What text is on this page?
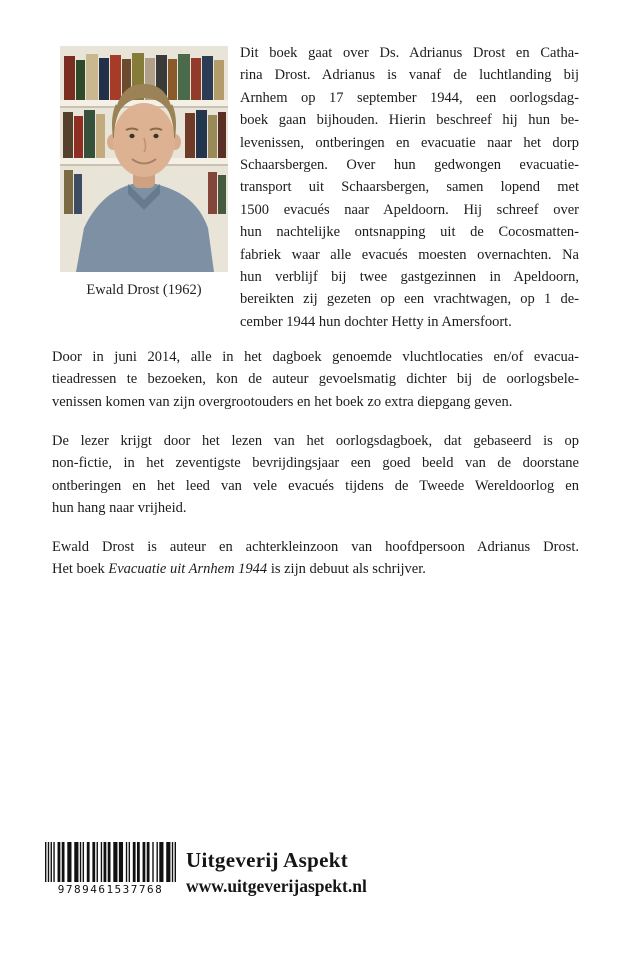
Ewald Drost (1962)
Dit boek gaat over Ds. Adrianus Drost en Catha-
rina Drost. Adrianus is vanaf de luchtlanding bij
Arnhem op 17 september 1944, een oorlogsdag-
boek gaan bijhouden. Hierin beschreef hij hun be-
levenissen, ontberingen en evacuatie naar het dorp
Schaarsbergen. Over hun gedwongen evacuatie-
transport uit Schaarsbergen, samen lopend met
1500 evacués naar Apeldoorn. Hij schreef over
hun nachtelijke ontsnapping uit de Cocosmatten-
fabriek waar alle evacués moesten overnachten. Na
hun verblijf bij twee gastgezinnen in Apeldoorn,
bereikten zij gezeten op een vrachtwagen, op 1 de-
cember 1944 hun dochter Hetty in Amersfoort.
Door in juni 2014, alle in het dagboek genoemde vluchtlocaties en/of evacua-
tieadressen te bezoeken, kon de auteur gevoelsmatig dichter bij de oorlogsbele-
venissen komen van zijn overgrootouders en het boek zo extra diepgang geven.
De lezer krijgt door het lezen van het oorlogsdagboek, dat gebaseerd is op
non-fictie, in het zeventigste bevrijdingsjaar een goed beeld van de doorstane
ontberingen en het leed van vele evacués tijdens de Tweede Wereldoorlog en
hun hang naar vrijheid.
Ewald Drost is auteur en achterkleinzoon van hoofdpersoon Adrianus Drost.
Het boek Evacuatie uit Arnhem 1944 is zijn debuut als schrijver.
9789461537768
Uitgeverij Aspekt
www.uitgeverijaspekt.nl
